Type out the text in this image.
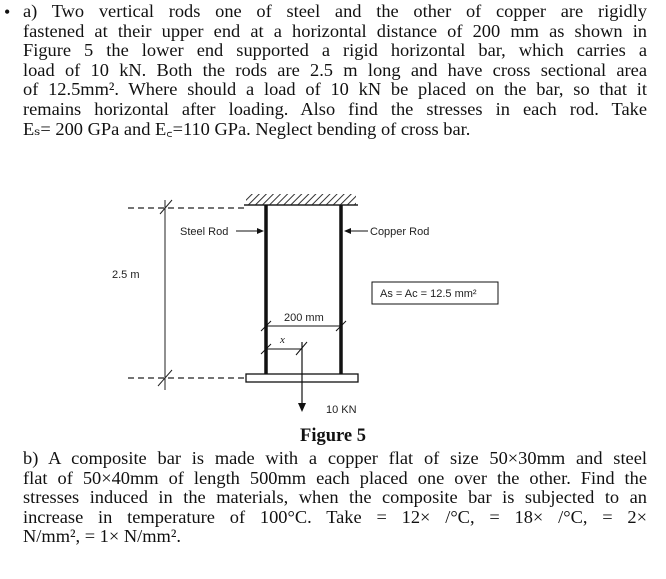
• a) Two vertical rods one of steel and the other of copper are rigidly
fastened at their upper end at a horizontal distance of 200 mm as shown in
Figure 5 the lower end supported a rigid horizontal bar, which carries a
load of 10 kN. Both the rods are 2.5 m long and have cross sectional area
of 12.5mm². Where should a load of 10 kN be placed on the bar, so that it
remains horizontal after loading. Also find the stresses in each rod. Take
Eₛ= 200 GPa and E꜀=110 GPa. Neglect bending of cross bar.
2.5 m
Steel Rod	Copper Rod
As = Ac = 12.5 mm²
200 mm
x
10 KN
Figure 5
b) A composite bar is made with a copper flat of size 50×30mm and steel
flat of 50×40mm of length 500mm each placed one over the other. Find the
stresses induced in the materials, when the composite bar is subjected to an
increase in temperature of 100°C. Take = 12× /°C, = 18× /°C, = 2×
N/mm², = 1× N/mm².
